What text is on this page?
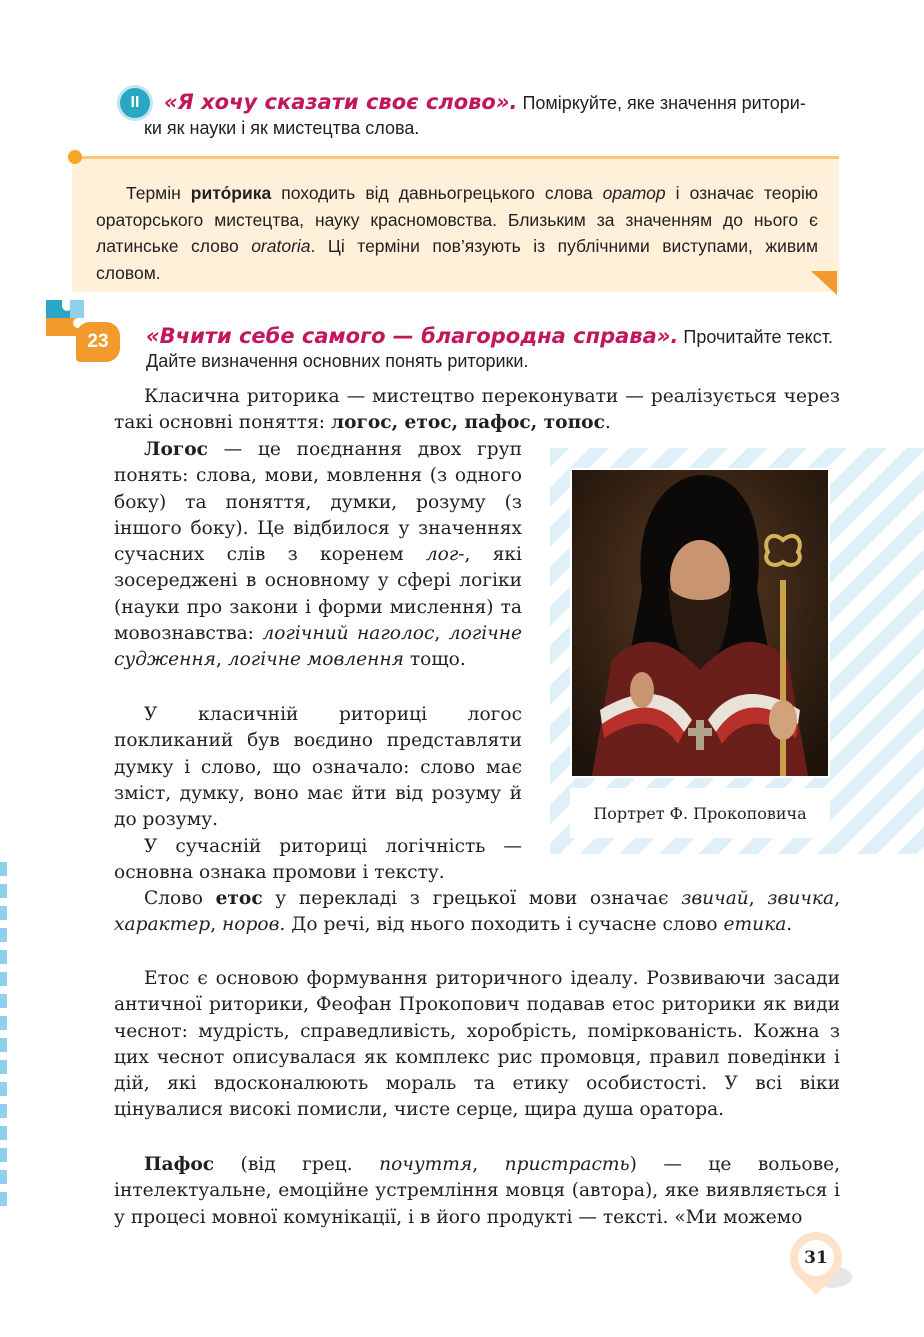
II	«Я хочу сказати своє слово». Поміркуйте, яке значення ритори-
ки як науки і як мистецтва слова.

Термін рито́рика походить від давньогрецького слова оратор і означає теорію ораторського мистецтва, науку красномовства. Близьким за значенням до нього є латинське слово oratoria. Ці терміни пов’язують із публічними виступами, живим словом.

23	«Вчити себе самого — благородна справа». Прочитайте текст.
Дайте визначення основних понять риторики.

Класична риторика — мистецтво переконувати — реалізується через такі основні поняття: логос, етос, пафос, топос.

Логос — це поєднання двох груп понять: слова, мови, мовлення (з одного боку) та поняття, думки, розуму (з іншого боку). Це відбилося у значеннях сучасних слів з коренем лог-, які зосереджені в основному у сфері логіки (науки про закони і форми мислення) та мовознавства: логічний наголос, логічне судження, логічне мовлення тощо.

У класичній риториці логос покликаний був воєдино представляти думку і слово, що означало: слово має зміст, думку, воно має йти від розуму й до розуму.

У сучасній риториці логічність — основна ознака промови і тексту.

Слово етос у перекладі з грецької мови означає звичай, звичка, характер, норов. До речі, від нього походить і сучасне слово етика.

Етос є основою формування риторичного ідеалу. Розвиваючи засади античної риторики, Феофан Прокопович подавав етос риторики як види чеснот: мудрість, справедливість, хоробрість, поміркованість. Кожна з цих чеснот описувалася як комплекс рис промовця, правил поведінки і дій, які вдосконалюють мораль та етику особистості. У всі віки цінувалися високі помисли, чисте серце, щира душа оратора.

Пафос (від грец. почуття, пристрасть) — це вольове, інтелектуальне, емоційне устремління мовця (автора), яке виявляється і у процесі мовної комунікації, і в його продукті — тексті. «Ми можемо

Портрет Ф. Прокоповича
31
